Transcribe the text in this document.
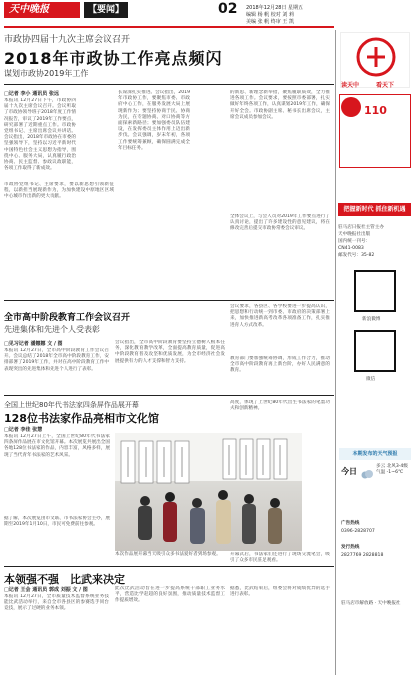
天中晚报	【要闻】	02 2018年12月28日 星期五
编辑 杨 帆 校对 刘 莉
美编 张 帆 终审 王 凯
市政协四届十九次主席会议召开
2018年市政协工作亮点频闪
谋划市政协2019年工作
□记者 李小 通讯员 张远
本报讯 12月27日下午，市政协四届十九次主席会议召开。会议听取了市政协领导班子2018年度工作情况报告，审议了2019年工作要点，研究部署了近期重点工作。市政协党组书记、主席出席会议并讲话。会议指出，2018年市政协在市委的坚强领导下，坚持以习近平新时代中国特色社会主义思想为指导，围绕中心、服务大局，认真履行政治协商、民主监督、参政议政职能，各项工作取得了新成效。
长谋深扎实推进。会议指出，2019年市政协工作，要聚焦市委、市政府中心工作，在服务发展大局上展现新作为；要坚持协商于民、协商为民，在专题协商、对口协商等方面探索新路径；要加强委员队伍建设，在发挥委员主体作用上迈出新步伐。会议强调，岁末年初，各项工作要统筹兼顾，确保圆满完成全年目标任务。
的新思、新理念新举措，聚焦履职质效，全力推进各项工作。会议要求，要按照市委部署，扎实做好年终各项工作，认真谋划2019年工作，确保开好全会。市政协副主席、秘书长出席会议，主席会议成员参加会议。
市政协党组书记、主席要求，要以新思想引领新征程，以新担当展现新作为，为加快建设中原地区区域中心城市作出新的更大贡献。
全体会议上，与会人员对2019年工作要点进行了认真讨论，提出了许多建设性的意见建议，将在修改完善后提交市政协常委会议审议。
全市高中阶段教育工作会议召开
先进集体和先进个人受表彰
□见习记者 潘娜娜 文 / 图
本报讯 12月27日，全市高中阶段教育工作会议召开。会议总结了2018年全市高中阶段教育工作，安排部署了2019年工作，并对在高中阶段教育工作中表现突出的先进集体和先进个人进行了表彰。
会议指出，全市高中阶段教育要坚持立德树人根本任务，深化教育教学改革，全面提高教育质量，促进高中阶段教育普及攻坚和优质发展，为全市经济社会发展提供有力的人才支撑和智力支持。
会议要求，各县区、各学校要进一步提高认识，把思想和行动统一到市委、市政府的决策部署上来，加快推进新高考改革各项准备工作，扎实推进育人方式改革。
教育部门要加强统筹协调，形成工作合力，推动全市高中阶段教育再上新台阶，办好人民满意的教育。
全国上世纪80年代书法家四条屏作品展开幕
128位书法家作品亮相市文化馆
□记者 李佳 张慧
本报讯 12月27日上午，全国上世纪80年代书法家四条屏作品展在市文化馆开幕。本次展览共展出全国各地128位书法家的作品，内容丰富，风格多样，展现了当代青年书法家的艺术风采。
据了解，本次展览由市文联、市书法家协会主办，展期至2019年1月10日，市民可免费前往参观。
本次作品展开幕当天吸引众多书法爱好者到场参观。
高度，体现了上世纪80年代出生书法家的笔墨功夫和创新精神。
开幕式后，书法家们还进行了现场交流笔会，吸引了众多市民驻足观看。
本领强不强　比武来决定
□记者 王会 通讯员 郭成 刘振 文 / 图
本报讯 12月27日，全市质量技术监督系统业务技能比武活动举行，来自全市各县区的参赛选手同台竞技，展示了过硬的业务本领。
此次比武活动旨在进一步提高系统干部职工业务水平，营造比学赶超的良好氛围，推动质量技术监督工作提质增效。
据悉，比武结束后，组委会将对成绩优异的选手进行表彰。
读天中	看天下
110
把握新时代 抓住新机遇
驻马店日报社主管主办
天中晚报社出版
国内统一刊号：
CN41-0083
邮发代号：35-82
新浪微博
微信
本期发布的天气预报
今日
多云 北风3-4级 气温 -1~6℃
广告热线
0396-2828707
发行热线
2827769 2828818
驻马店市解放路 · 天中晚报社
